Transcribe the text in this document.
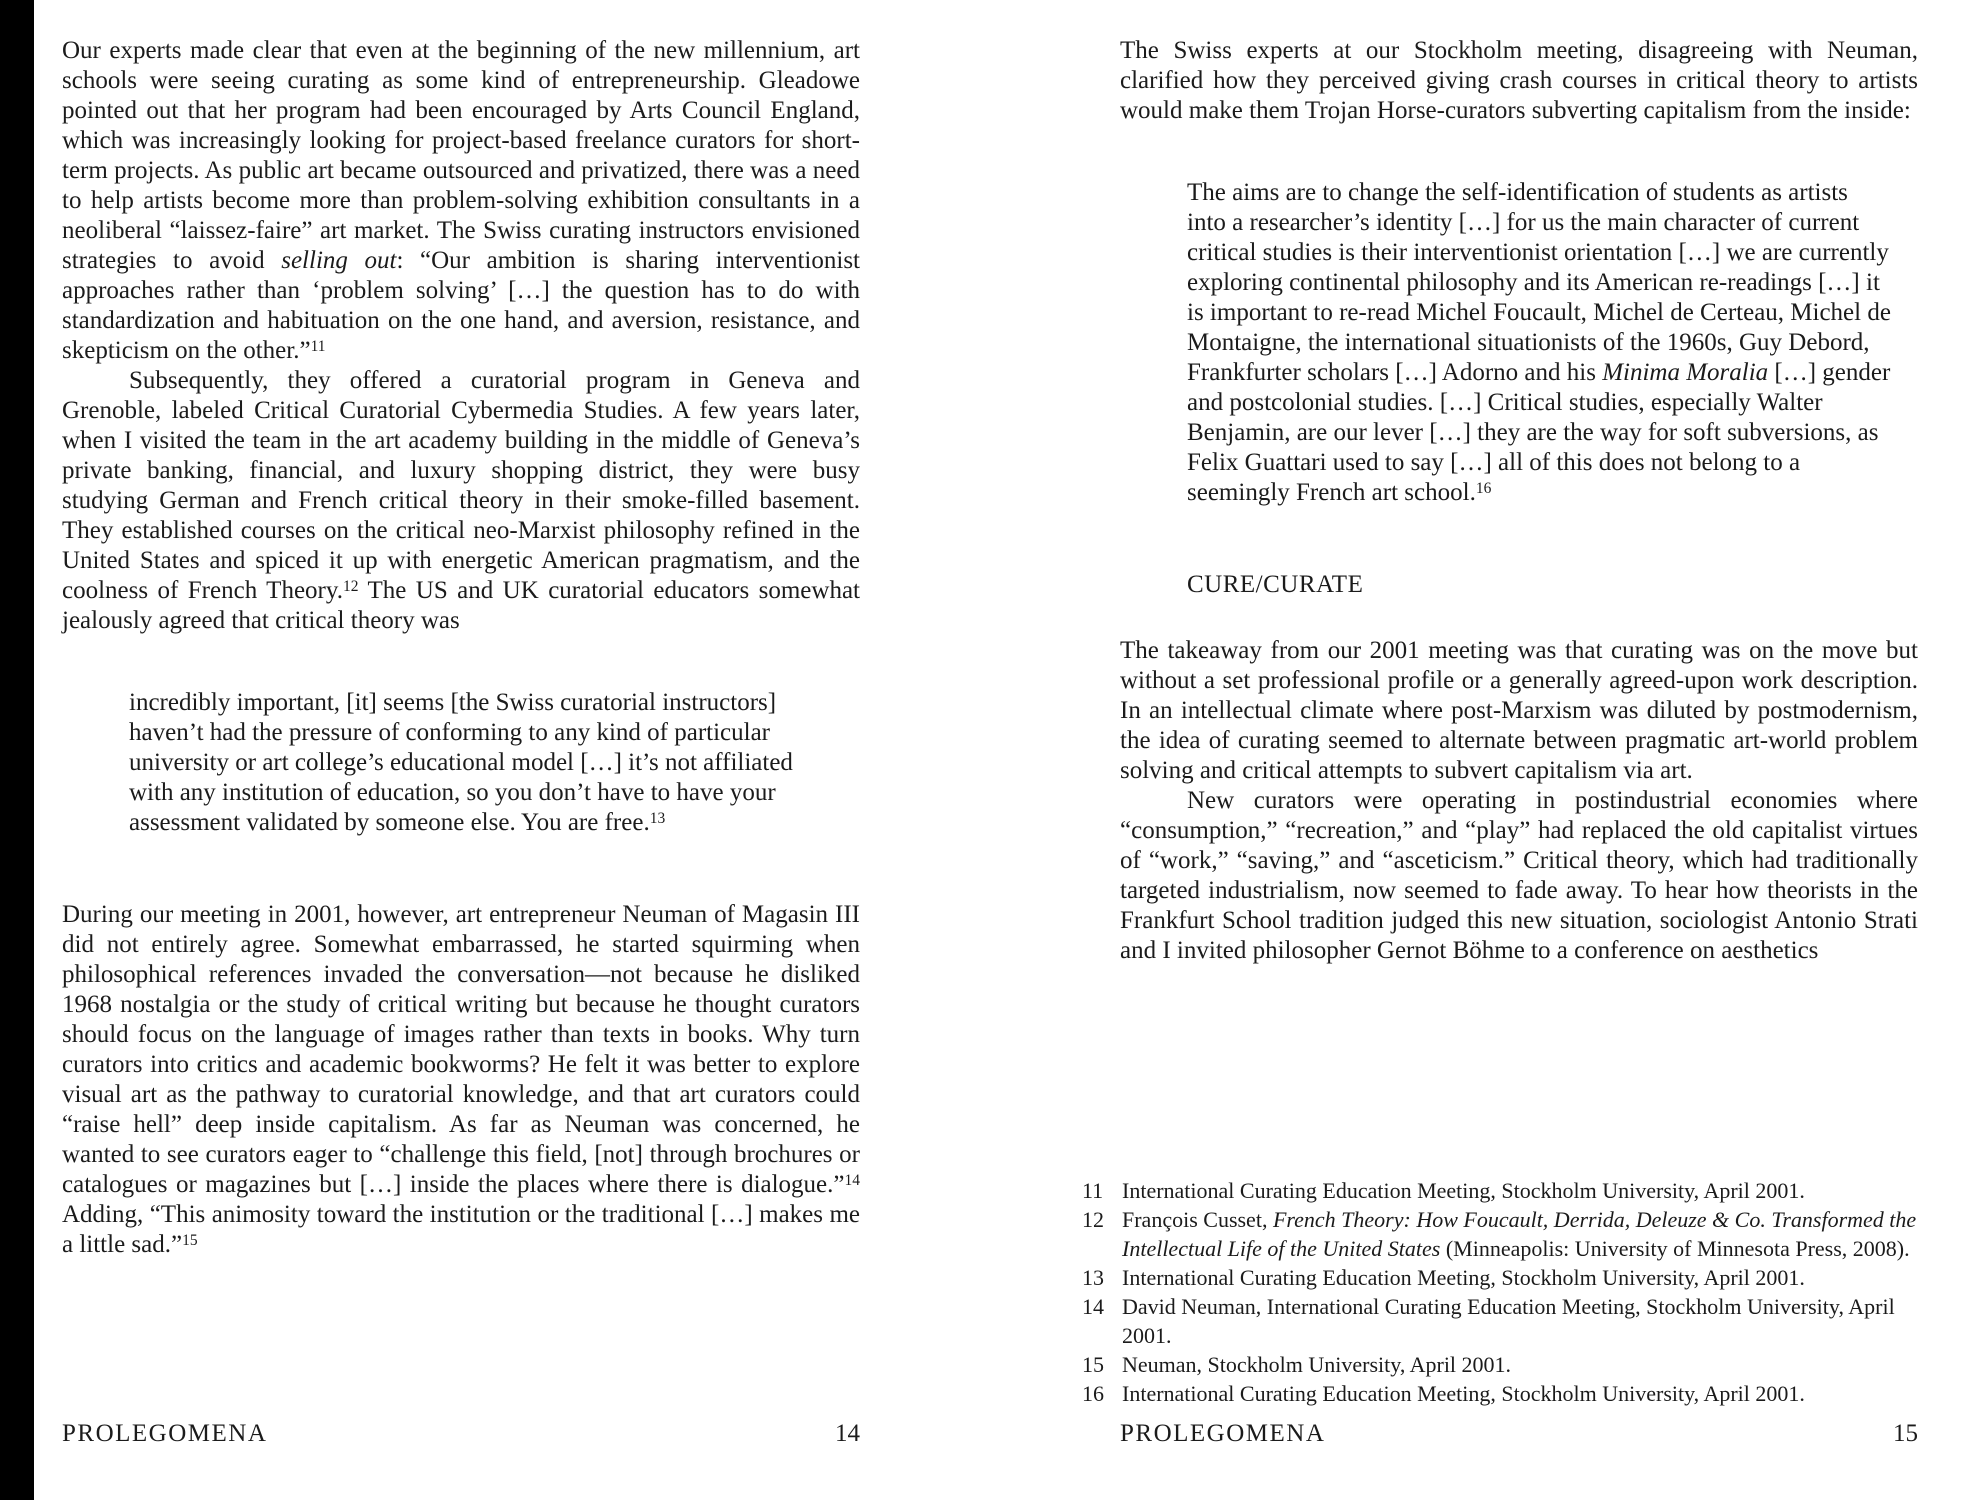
Our experts made clear that even at the beginning of the new millennium, art schools were seeing curating as some kind of entrepreneurship. Gleadowe pointed out that her program had been encouraged by Arts Council England, which was increasingly looking for project-based freelance curators for short-term projects. As public art became outsourced and privatized, there was a need to help artists become more than problem-solving exhibition consultants in a neoliberal “laissez-faire” art market. The Swiss curating instructors envisioned strategies to avoid selling out: “Our ambition is sharing interventionist approaches rather than ‘problem solving’ […] the question has to do with standardization and habituation on the one hand, and aversion, resistance, and skepticism on the other.”$^{11}$

Subsequently, they offered a curatorial program in Geneva and Grenoble, labeled Critical Curatorial Cybermedia Studies. A few years later, when I visited the team in the art academy building in the middle of Geneva’s private banking, financial, and luxury shopping district, they were busy studying German and French critical theory in their smoke-filled basement. They established courses on the critical neo-Marxist philosophy refined in the United States and spiced it up with energetic American pragmatism, and the coolness of French Theory.$^{12}$ The US and UK curatorial educators somewhat jealously agreed that critical theory was

incredibly important, [it] seems [the Swiss curatorial instructors] haven’t had the pressure of conforming to any kind of particular university or art college’s educational model […] it’s not affiliated with any institution of education, so you don’t have to have your assessment validated by someone else. You are free.$^{13}$

During our meeting in 2001, however, art entrepreneur Neuman of Magasin III did not entirely agree. Somewhat embarrassed, he started squirming when philosophical references invaded the conversation—not because he disliked 1968 nostalgia or the study of critical writing but because he thought curators should focus on the language of images rather than texts in books. Why turn curators into critics and academic bookworms? He felt it was better to explore visual art as the pathway to curatorial knowledge, and that art curators could “raise hell” deep inside capitalism. As far as Neuman was concerned, he wanted to see curators eager to “challenge this field, [not] through brochures or catalogues or magazines but […] inside the places where there is dialogue.”$^{14}$ Adding, “This animosity toward the institution or the traditional […] makes me a little sad.”$^{15}$

The Swiss experts at our Stockholm meeting, disagreeing with Neuman, clarified how they perceived giving crash courses in critical theory to artists would make them Trojan Horse-curators subverting capitalism from the inside:

The aims are to change the self-identification of students as artists into a researcher’s identity […] for us the main character of current critical studies is their interventionist orientation […] we are currently exploring continental philosophy and its American re-readings […] it is important to re-read Michel Foucault, Michel de Certeau, Michel de Montaigne, the international situationists of the 1960s, Guy Debord, Frankfurter scholars […] Adorno and his Minima Moralia […] gender and postcolonial studies. […] Critical studies, especially Walter Benjamin, are our lever […] they are the way for soft subversions, as Felix Guattari used to say […] all of this does not belong to a seemingly French art school.$^{16}$
CURE/CURATE

The takeaway from our 2001 meeting was that curating was on the move but without a set professional profile or a generally agreed-upon work description. In an intellectual climate where post-Marxism was diluted by postmodernism, the idea of curating seemed to alternate between pragmatic art-world problem solving and critical attempts to subvert capitalism via art.

New curators were operating in postindustrial economies where “consumption,” “recreation,” and “play” had replaced the old capitalist virtues of “work,” “saving,” and “asceticism.” Critical theory, which had traditionally targeted industrialism, now seemed to fade away. To hear how theorists in the Frankfurt School tradition judged this new situation, sociologist Antonio Strati and I invited philosopher Gernot Böhme to a conference on aesthetics

11 International Curating Education Meeting, Stockholm University, April 2001.
12 François Cusset, French Theory: How Foucault, Derrida, Deleuze & Co. Transformed the Intellectual Life of the United States (Minneapolis: University of Minnesota Press, 2008).
13 International Curating Education Meeting, Stockholm University, April 2001.
14 David Neuman, International Curating Education Meeting, Stockholm University, April 2001.
15 Neuman, Stockholm University, April 2001.
16 International Curating Education Meeting, Stockholm University, April 2001.
PROLEGOMENA	14	PROLEGOMENA	15
